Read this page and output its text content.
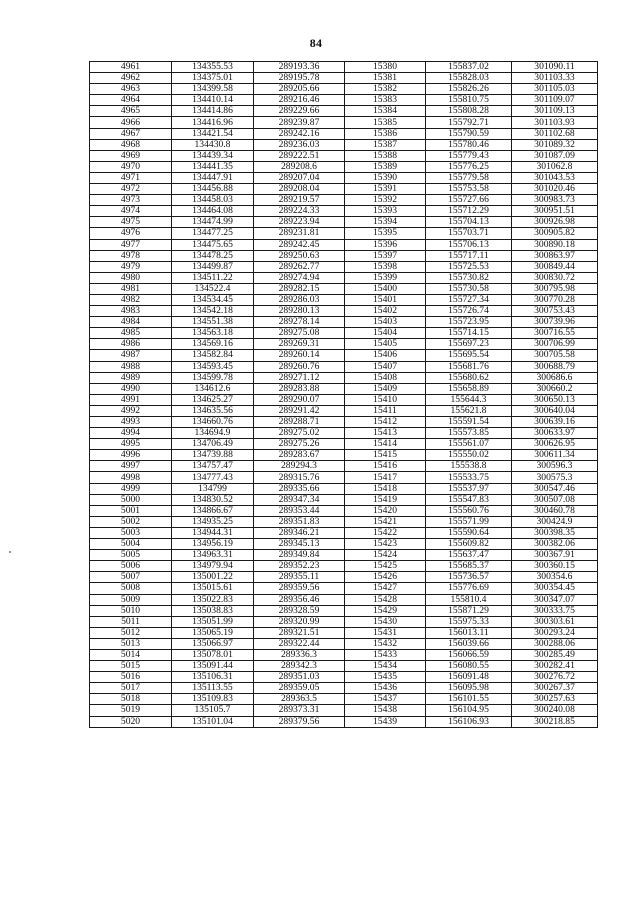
84
4961	134355.53	289193.36	15380	155837.02	301090.11
4962	134375.01	289195.78	15381	155828.03	301103.33
4963	134399.58	289205.66	15382	155826.26	301105.03
4964	134410.14	289216.46	15383	155810.75	301109.07
4965	134414.86	289229.66	15384	155808.28	301109.13
4966	134416.96	289239.87	15385	155792.71	301103.93
4967	134421.54	289242.16	15386	155790.59	301102.68
4968	134430.8	289236.03	15387	155780.46	301089.32
4969	134439.34	289222.51	15388	155779.43	301087.09
4970	134441.35	289208.6	15389	155776.25	301062.8
4971	134447.91	289207.04	15390	155779.58	301043.53
4972	134456.88	289208.04	15391	155753.58	301020.46
4973	134458.03	289219.57	15392	155727.66	300983.73
4974	134464.08	289224.33	15393	155712.29	300951.51
4975	134474.99	289223.94	15394	155704.13	300926.98
4976	134477.25	289231.81	15395	155703.71	300905.82
4977	134475.65	289242.45	15396	155706.13	300890.18
4978	134478.25	289250.63	15397	155717.11	300863.97
4979	134499.87	289262.77	15398	155725.53	300849.44
4980	134511.22	289274.94	15399	155730.82	300830.72
4981	134522.4	289282.15	15400	155730.58	300795.98
4982	134534.45	289286.03	15401	155727.34	300770.28
4983	134542.18	289280.13	15402	155726.74	300753.43
4984	134551.38	289278.14	15403	155723.95	300739.96
4985	134563.18	289275.08	15404	155714.15	300716.55
4986	134569.16	289269.31	15405	155697.23	300706.99
4987	134582.84	289260.14	15406	155695.54	300705.58
4988	134593.45	289260.76	15407	155681.76	300688.79
4989	134599.78	289271.12	15408	155680.62	300686.6
4990	134612.6	289283.88	15409	155658.89	300660.2
4991	134625.27	289290.07	15410	155644.3	300650.13
4992	134635.56	289291.42	15411	155621.8	300640.04
4993	134660.76	289288.71	15412	155591.54	300639.16
4994	134694.9	289275.02	15413	155573.85	300633.97
4995	134706.49	289275.26	15414	155561.07	300626.95
4996	134739.88	289283.67	15415	155550.02	300611.34
4997	134757.47	289294.3	15416	155538.8	300596.3
4998	134777.43	289315.76	15417	155533.75	300575.3
4999	134799	289335.66	15418	155537.97	300547.46
5000	134830.52	289347.34	15419	155547.83	300507.08
5001	134866.67	289353.44	15420	155560.76	300460.78
5002	134935.25	289351.83	15421	155571.99	300424.9
5003	134944.31	289346.21	15422	155590.64	300398.35
5004	134956.19	289345.13	15423	155609.82	300382.06
5005	134963.31	289349.84	15424	155637.47	300367.91
5006	134979.94	289352.23	15425	155685.37	300360.15
5007	135001.22	289355.11	15426	155736.57	300354.6
5008	135015.61	289359.56	15427	155776.69	300354.45
5009	135022.83	289356.46	15428	155810.4	300347.07
5010	135038.83	289328.59	15429	155871.29	300333.75
5011	135051.99	289320.99	15430	155975.33	300303.61
5012	135065.19	289321.51	15431	156013.11	300293.24
5013	135066.97	289322.44	15432	156039.66	300288.06
5014	135078.01	289336.3	15433	156066.59	300285.49
5015	135091.44	289342.3	15434	156080.55	300282.41
5016	135106.31	289351.03	15435	156091.48	300276.72
5017	135113.55	289359.05	15436	156095.98	300267.37
5018	135109.83	289363.5	15437	156101.55	300257.63
5019	135105.7	289373.31	15438	156104.95	300240.08
5020	135101.04	289379.56	15439	156106.93	300218.85
